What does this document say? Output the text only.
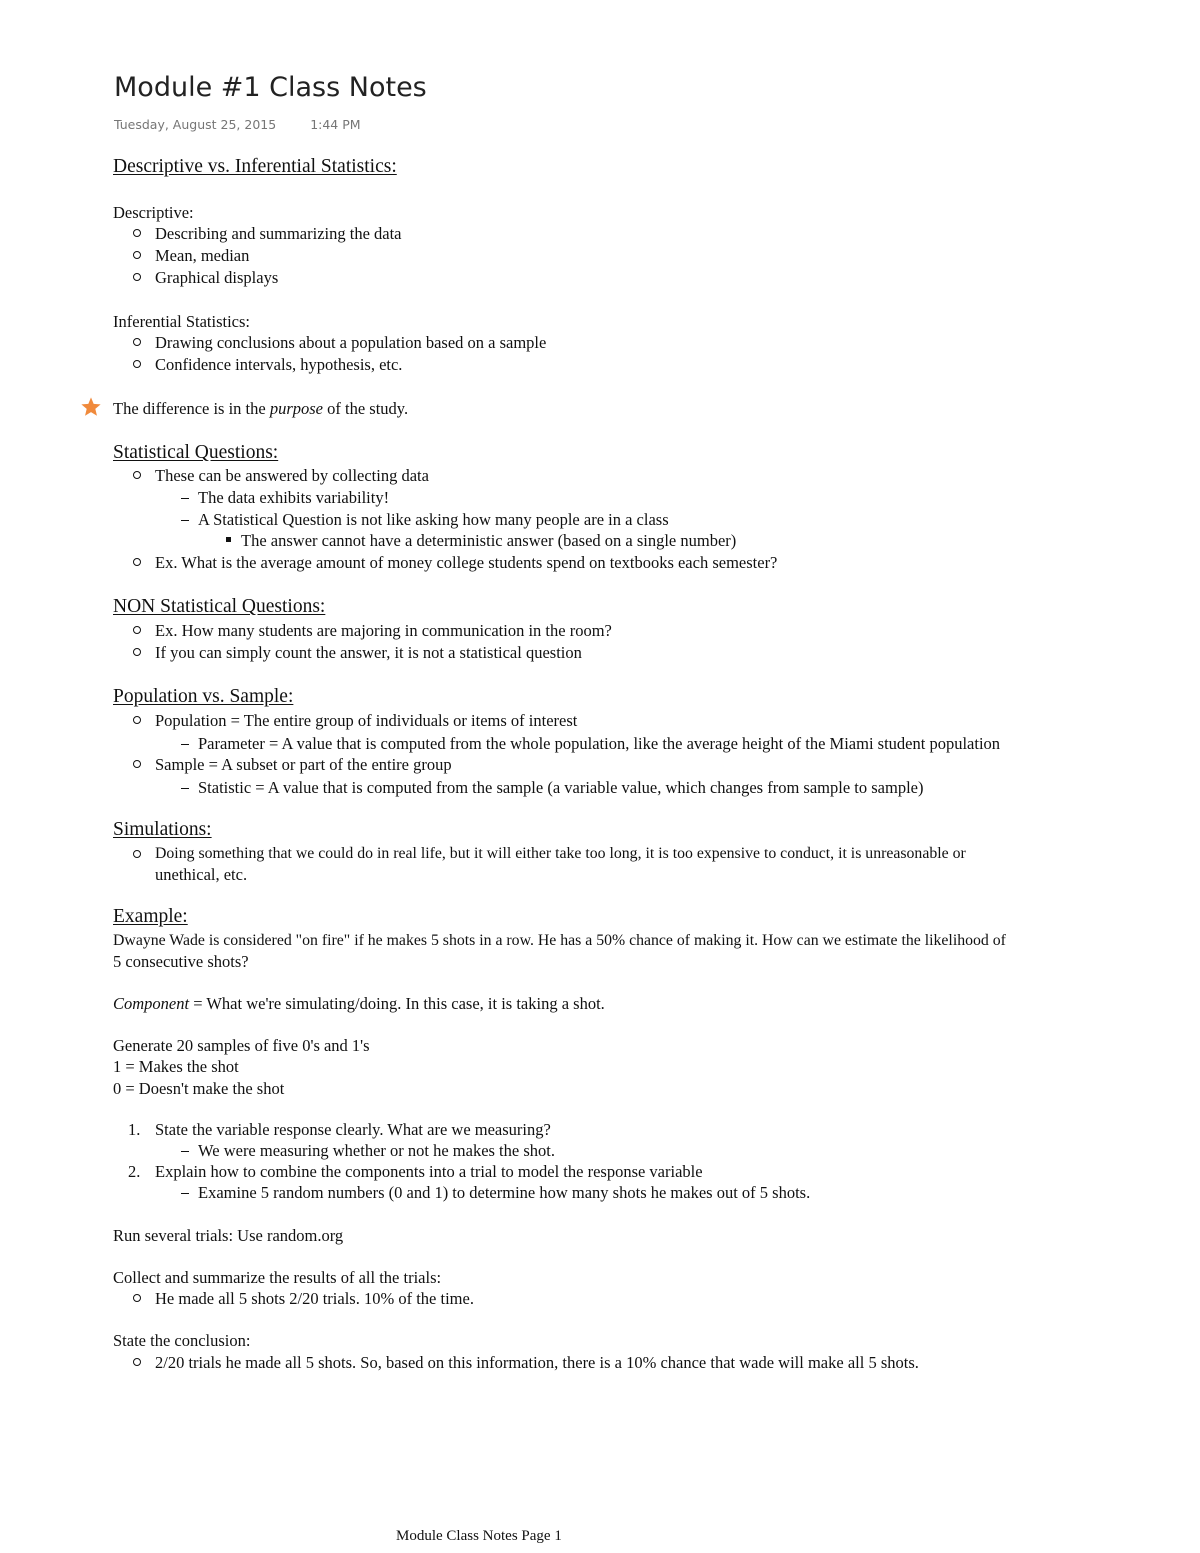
Module #1 Class Notes
Tuesday, August 25, 2015	1:44 PM
Descriptive vs. Inferential Statistics:
Descriptive:
Describing and summarizing the data
Mean, median
Graphical displays
Inferential Statistics:
Drawing conclusions about a population based on a sample
Confidence intervals, hypothesis, etc.
The difference is in the purpose of the study.
Statistical Questions:
These can be answered by collecting data
The data exhibits variability!
A Statistical Question is not like asking how many people are in a class
The answer cannot have a deterministic answer (based on a single number)
Ex. What is the average amount of money college students spend on textbooks each semester?
NON Statistical Questions:
Ex. How many students are majoring in communication in the room?
If you can simply count the answer, it is not a statistical question
Population vs. Sample:
Population = The entire group of individuals or items of interest
Parameter = A value that is computed from the whole population, like the average height of the Miami student population
Sample = A subset or part of the entire group
Statistic = A value that is computed from the sample (a variable value, which changes from sample to sample)
Simulations:
Doing something that we could do in real life, but it will either take too long, it is too expensive to conduct, it is unreasonable or
unethical, etc.
Example:
Dwayne Wade is considered "on fire" if he makes 5 shots in a row. He has a 50% chance of making it. How can we estimate the likelihood of
5 consecutive shots?
Component = What we're simulating/doing. In this case, it is taking a shot.
Generate 20 samples of five 0's and 1's
1 = Makes the shot
0 = Doesn't make the shot
1. State the variable response clearly. What are we measuring?
We were measuring whether or not he makes the shot.
2. Explain how to combine the components into a trial to model the response variable
Examine 5 random numbers (0 and 1) to determine how many shots he makes out of 5 shots.
Run several trials: Use random.org
Collect and summarize the results of all the trials:
He made all 5 shots 2/20 trials. 10% of the time.
State the conclusion:
2/20 trials he made all 5 shots. So, based on this information, there is a 10% chance that wade will make all 5 shots.
Module Class Notes Page 1
